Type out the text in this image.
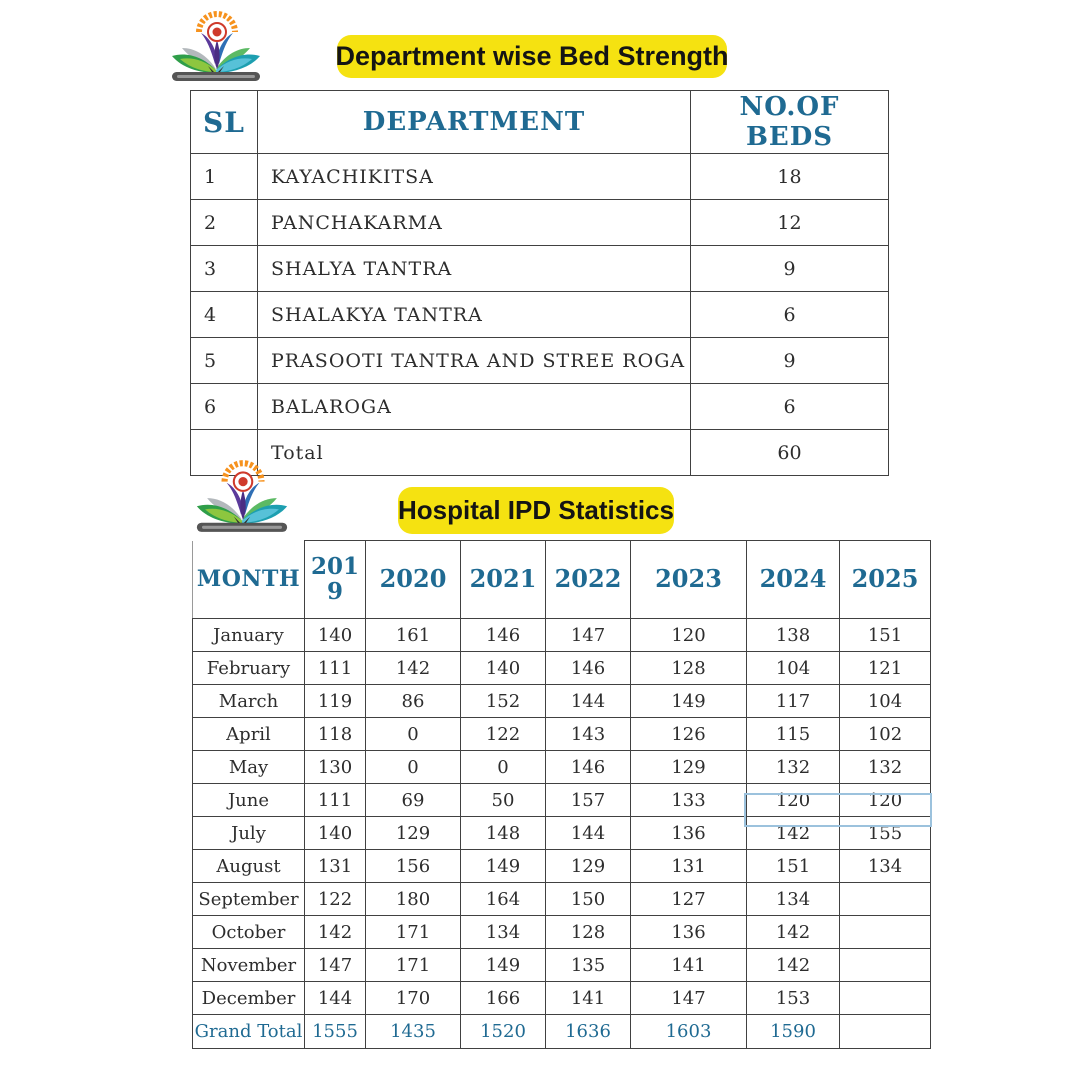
Department wise Bed Strength
SL	DEPARTMENT	NO.OF BEDS
1	KAYACHIKITSA	18
2	PANCHAKARMA	12
3	SHALYA TANTRA	9
4	SHALAKYA TANTRA	6
5	PRASOOTI TANTRA AND STREE ROGA	9
6	BALAROGA	6
	Total	60
Hospital IPD Statistics
MONTH	2019	2020	2021	2022	2023	2024	2025
January	140	161	146	147	120	138	151
February	111	142	140	146	128	104	121
March	119	86	152	144	149	117	104
April	118	0	122	143	126	115	102
May	130	0	0	146	129	132	132
June	111	69	50	157	133	120	120
July	140	129	148	144	136	142	155
August	131	156	149	129	131	151	134
September	122	180	164	150	127	134	
October	142	171	134	128	136	142	
November	147	171	149	135	141	142	
December	144	170	166	141	147	153	
Grand Total	1555	1435	1520	1636	1603	1590	
